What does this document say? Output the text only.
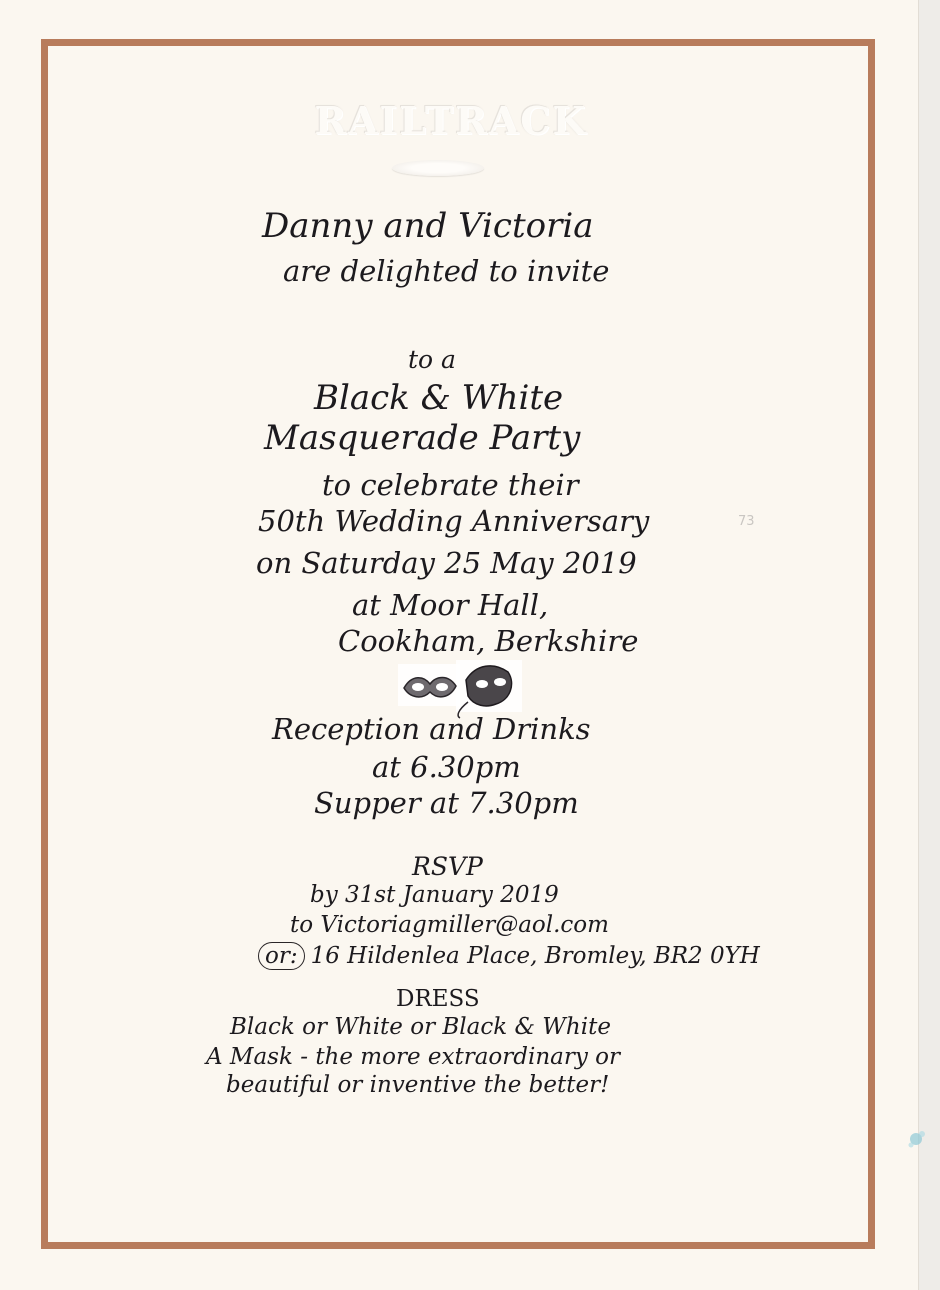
RAILTRACK
Danny and Victoria
are delighted to invite
to a
Black & White
Masquerade Party
to celebrate their
50th Wedding Anniversary
on Saturday 25 May 2019
at Moor Hall,
Cookham, Berkshire
Reception and Drinks
at 6.30pm
Supper at 7.30pm
RSVP
by 31st January 2019
to Victoriagmiller@aol.com
or: 16 Hildenlea Place, Bromley, BR2 0YH
DRESS
Black or White or Black & White
A Mask - the more extraordinary or
beautiful or inventive the better!
73
